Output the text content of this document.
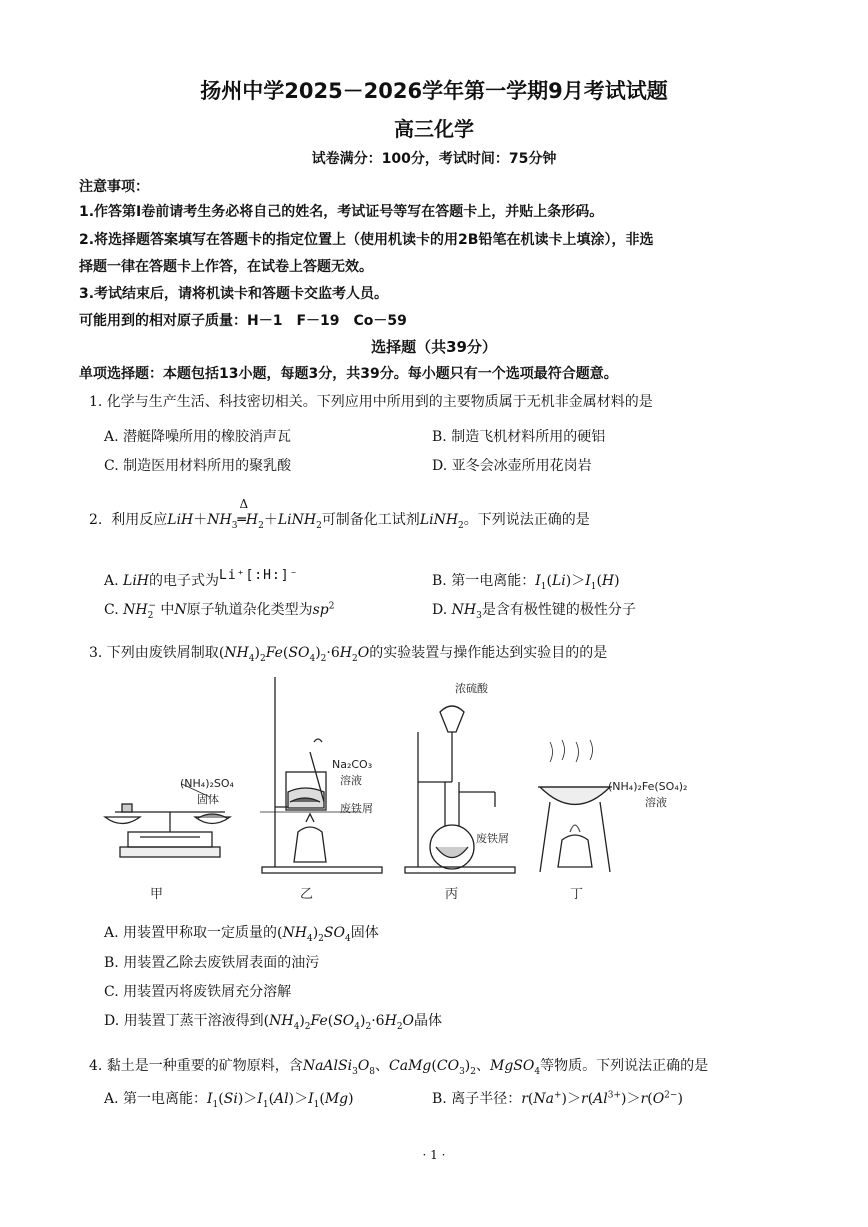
扬州中学2025－2026学年第一学期9月考试试题
高三化学
试卷满分：100分，考试时间：75分钟
注意事项：
1.作答第Ⅰ卷前请考生务必将自己的姓名，考试证号等写在答题卡上，并贴上条形码。
2.将选择题答案填写在答题卡的指定位置上（使用机读卡的用2B铅笔在机读卡上填涂），非选
择题一律在答题卡上作答，在试卷上答题无效。
3.考试结束后，请将机读卡和答题卡交监考人员。
可能用到的相对原子质量：H－1　F－19　Co－59
选择题（共39分）
单项选择题：本题包括13小题，每题3分，共39分。每小题只有一个选项最符合题意。
1. 化学与生产生活、科技密切相关。下列应用中所用到的主要物质属于无机非金属材料的是
A. 潜艇降噪所用的橡胶消声瓦	B. 制造飞机材料所用的硬铝
C. 制造医用材料所用的聚乳酸	D. 亚冬会冰壶所用花岗岩
2. 利用反应$LiH+NH_3$
Δ
$═H_2+LiNH_2$可制备化工试剂LiNH$_2$。下列说法正确的是
A. LiH的电子式为Li⁺[:H:]⁻	B. 第一电离能：$I_1(Li)>I_1(H)$
C. $NH_2^-$ 中N原子轨道杂化类型为$sp^2$	D. $NH_3$是含有极性键的极性分子
3. 下列由废铁屑制取$(NH_4)_2Fe(SO_4)_2\cdot 6H_2O$的实验装置与操作能达到实验目的的是
(NH₄)₂SO₄
固体
Na₂CO₃
溶液
废铁屑
浓硫酸
废铁屑
(NH₄)₂Fe(SO₄)₂
溶液
甲	乙	丙	丁
A. 用装置甲称取一定质量的$(NH_4)_2SO_4$固体
B. 用装置乙除去废铁屑表面的油污
C. 用装置丙将废铁屑充分溶解
D. 用装置丁蒸干溶液得到$(NH_4)_2Fe(SO_4)_2\cdot 6H_2O$晶体
4. 黏土是一种重要的矿物原料，含$NaAlSi_3O_8$、$CaMg(CO_3)_2$、MgSO$_4$等物质。下列说法正确的是
A. 第一电离能：$I_1(Si)>I_1(Al)>I_1(Mg)$	B. 离子半径：$r(Na^+)>r(Al^{3+})>r(O^{2-})$
· 1 ·
